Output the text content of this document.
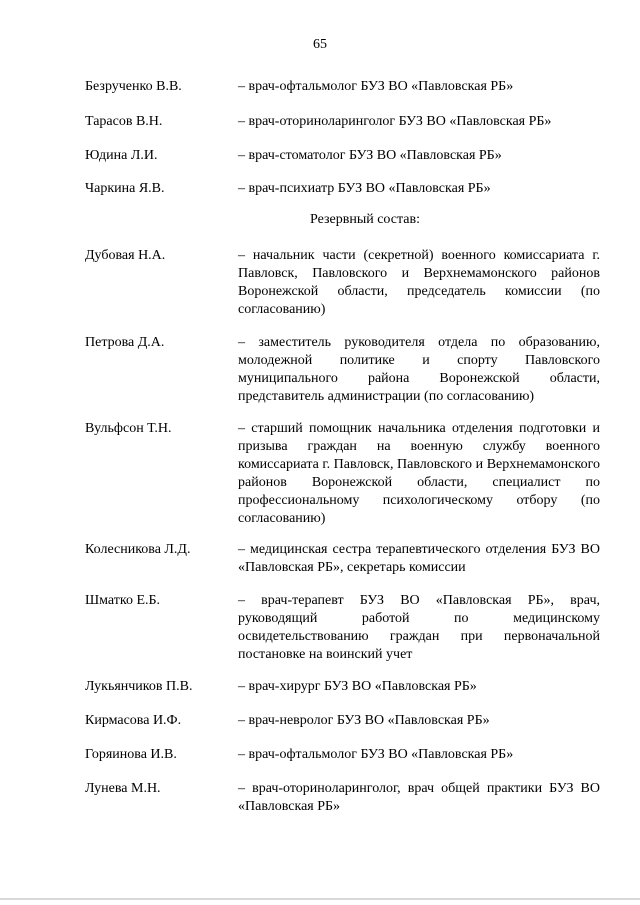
65
Безрученко В.В.	– врач-офтальмолог БУЗ ВО «Павловская РБ»
Тарасов В.Н.	– врач-оториноларинголог БУЗ ВО «Павловская РБ»
Юдина Л.И.	– врач-стоматолог БУЗ ВО «Павловская РБ»
Чаркина Я.В.	– врач-психиатр БУЗ ВО «Павловская РБ»
Резервный состав:
Дубовая Н.А.	– начальник части (секретной) военного комиссариата г. Павловск, Павловского и Верхнемамонского районов Воронежской области, председатель комиссии (по согласованию)
Петрова Д.А.	– заместитель руководителя отдела по образованию, молодежной политике и спорту Павловского муниципального района Воронежской области, представитель администрации (по согласованию)
Вульфсон Т.Н.	– старший помощник начальника отделения подготовки и призыва граждан на военную службу военного комиссариата г. Павловск, Павловского и Верхнемамонского районов Воронежской области, специалист по профессиональному психологическому отбору (по согласованию)
Колесникова Л.Д.	– медицинская сестра терапевтического отделения БУЗ ВО «Павловская РБ», секретарь комиссии
Шматко Е.Б.	– врач-терапевт БУЗ ВО «Павловская РБ», врач, руководящий работой по медицинскому освидетельствованию граждан при первоначальной постановке на воинский учет
Лукьянчиков П.В.	– врач-хирург БУЗ ВО «Павловская РБ»
Кирмасова И.Ф.	– врач-невролог БУЗ ВО «Павловская РБ»
Горяинова И.В.	– врач-офтальмолог БУЗ ВО «Павловская РБ»
Лунева М.Н.	– врач-оториноларинголог, врач общей практики БУЗ ВО «Павловская РБ»
